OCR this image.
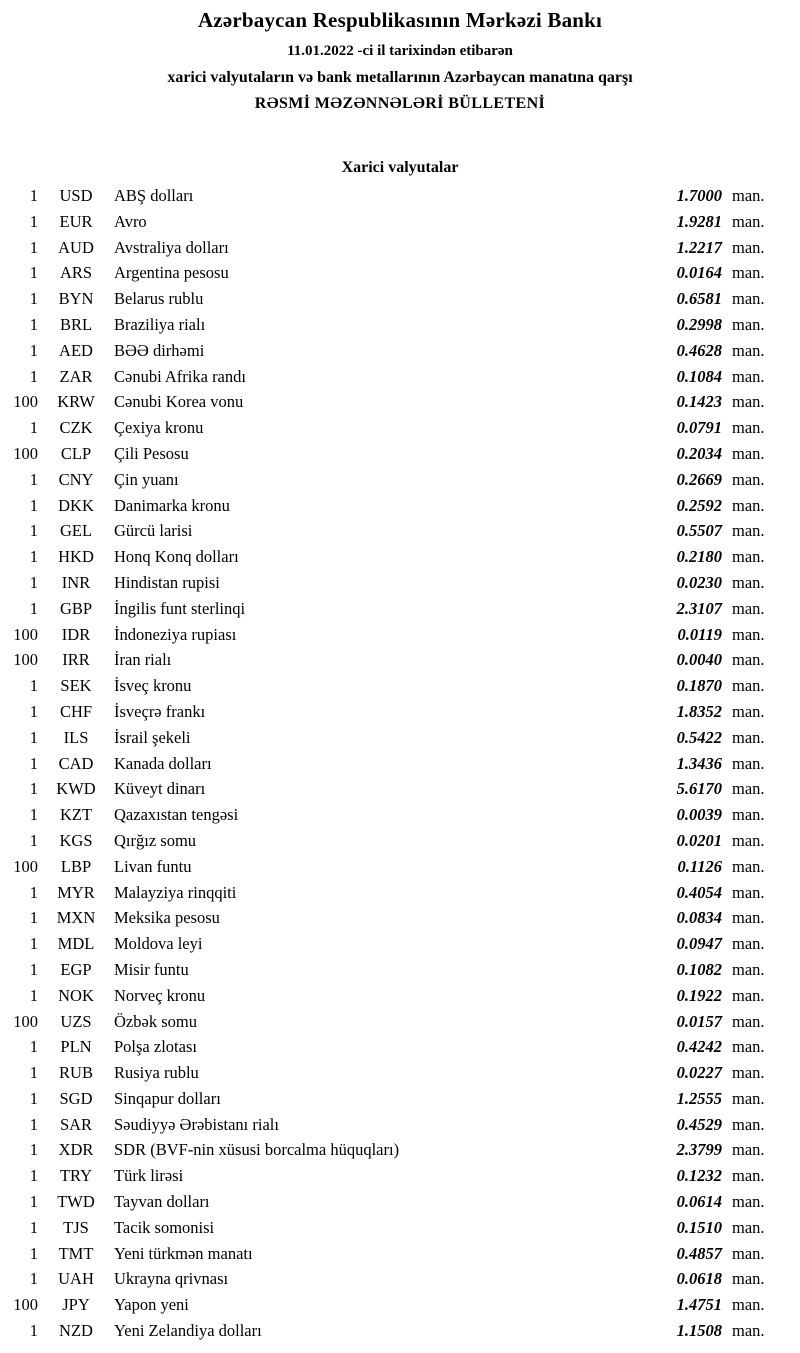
Azərbaycan Respublikasının Mərkəzi Bankı
11.01.2022 -ci il tarixindən etibarən
xarici valyutaların və bank metallarının Azərbaycan manatına qarşı
RƏSMİ MƏZƏNNƏLƏRİ BÜLLETENİ
Xarici valyutalar
1	USD	ABŞ dolları	1.7000 man.
1	EUR	Avro	1.9281 man.
1	AUD	Avstraliya dolları	1.2217 man.
1	ARS	Argentina pesosu	0.0164 man.
1	BYN	Belarus rublu	0.6581 man.
1	BRL	Braziliya rialı	0.2998 man.
1	AED	BƏƏ dirhəmi	0.4628 man.
1	ZAR	Cənubi Afrika randı	0.1084 man.
100	KRW	Cənubi Korea vonu	0.1423 man.
1	CZK	Çexiya kronu	0.0791 man.
100	CLP	Çili Pesosu	0.2034 man.
1	CNY	Çin yuanı	0.2669 man.
1	DKK	Danimarka kronu	0.2592 man.
1	GEL	Gürcü larisi	0.5507 man.
1	HKD	Honq Konq dolları	0.2180 man.
1	INR	Hindistan rupisi	0.0230 man.
1	GBP	İngilis funt sterlinqi	2.3107 man.
100	IDR	İndoneziya rupiası	0.0119 man.
100	IRR	İran rialı	0.0040 man.
1	SEK	İsveç kronu	0.1870 man.
1	CHF	İsveçrə frankı	1.8352 man.
1	ILS	İsrail şekeli	0.5422 man.
1	CAD	Kanada dolları	1.3436 man.
1	KWD	Küveyt dinarı	5.6170 man.
1	KZT	Qazaxıstan tengəsi	0.0039 man.
1	KGS	Qırğız somu	0.0201 man.
100	LBP	Livan funtu	0.1126 man.
1	MYR	Malayziya rinqqiti	0.4054 man.
1	MXN	Meksika pesosu	0.0834 man.
1	MDL	Moldova leyi	0.0947 man.
1	EGP	Misir funtu	0.1082 man.
1	NOK	Norveç kronu	0.1922 man.
100	UZS	Özbək somu	0.0157 man.
1	PLN	Polşa zlotası	0.4242 man.
1	RUB	Rusiya rublu	0.0227 man.
1	SGD	Sinqapur dolları	1.2555 man.
1	SAR	Səudiyyə Ərəbistanı rialı	0.4529 man.
1	XDR	SDR (BVF-nin xüsusi borcalma hüquqları)	2.3799 man.
1	TRY	Türk lirəsi	0.1232 man.
1	TWD	Tayvan dolları	0.0614 man.
1	TJS	Tacik somonisi	0.1510 man.
1	TMT	Yeni türkmən manatı	0.4857 man.
1	UAH	Ukrayna qrivnası	0.0618 man.
100	JPY	Yapon yeni	1.4751 man.
1	NZD	Yeni Zelandiya dolları	1.1508 man.
